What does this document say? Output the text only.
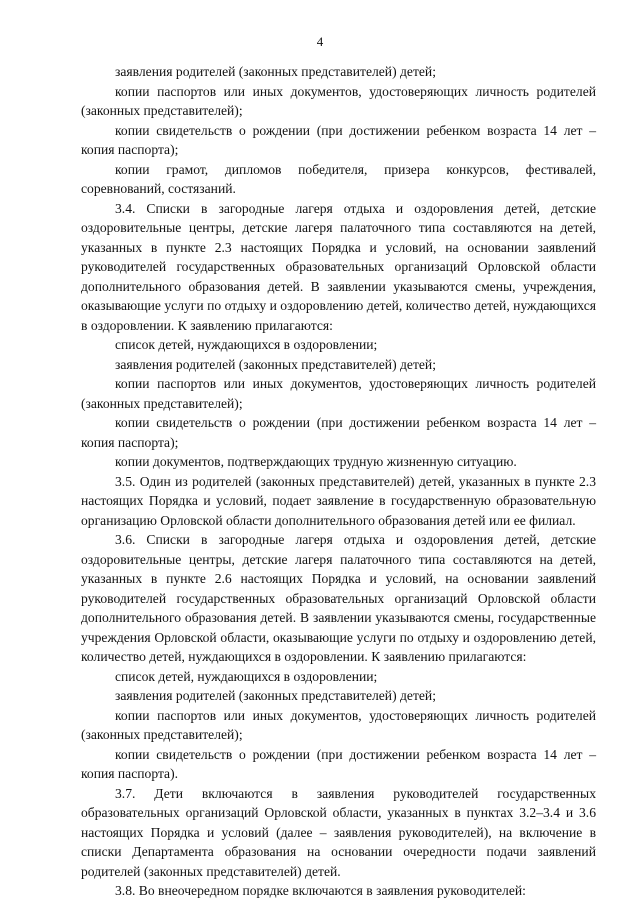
4

заявления родителей (законных представителей) детей;

копии паспортов или иных документов, удостоверяющих личность родителей (законных представителей);

копии свидетельств о рождении (при достижении ребенком возраста 14 лет – копия паспорта);

копии грамот, дипломов победителя, призера конкурсов, фестивалей, соревнований, состязаний.

3.4. Списки в загородные лагеря отдыха и оздоровления детей, детские оздоровительные центры, детские лагеря палаточного типа составляются на детей, указанных в пункте 2.3 настоящих Порядка и условий, на основании заявлений руководителей государственных образовательных организаций Орловской области дополнительного образования детей. В заявлении указываются смены, учреждения, оказывающие услуги по отдыху и оздоровлению детей, количество детей, нуждающихся в оздоровлении. К заявлению прилагаются:

список детей, нуждающихся в оздоровлении;

заявления родителей (законных представителей) детей;

копии паспортов или иных документов, удостоверяющих личность родителей (законных представителей);

копии свидетельств о рождении (при достижении ребенком возраста 14 лет – копия паспорта);

копии документов, подтверждающих трудную жизненную ситуацию.

3.5. Один из родителей (законных представителей) детей, указанных в пункте 2.3 настоящих Порядка и условий, подает заявление в государственную образовательную организацию Орловской области дополнительного образования детей или ее филиал.

3.6. Списки в загородные лагеря отдыха и оздоровления детей, детские оздоровительные центры, детские лагеря палаточного типа составляются на детей, указанных в пункте 2.6 настоящих Порядка и условий, на основании заявлений руководителей государственных образовательных организаций Орловской области дополнительного образования детей. В заявлении указываются смены, государственные учреждения Орловской области, оказывающие услуги по отдыху и оздоровлению детей, количество детей, нуждающихся в оздоровлении. К заявлению прилагаются:

список детей, нуждающихся в оздоровлении;

заявления родителей (законных представителей) детей;

копии паспортов или иных документов, удостоверяющих личность родителей (законных представителей);

копии свидетельств о рождении (при достижении ребенком возраста 14 лет – копия паспорта).

3.7. Дети включаются в заявления руководителей государственных образовательных организаций Орловской области, указанных в пунктах 3.2–3.4 и 3.6 настоящих Порядка и условий (далее – заявления руководителей), на включение в списки Департамента образования на основании очередности подачи заявлений родителей (законных представителей) детей.

3.8. Во внеочередном порядке включаются в заявления руководителей:
